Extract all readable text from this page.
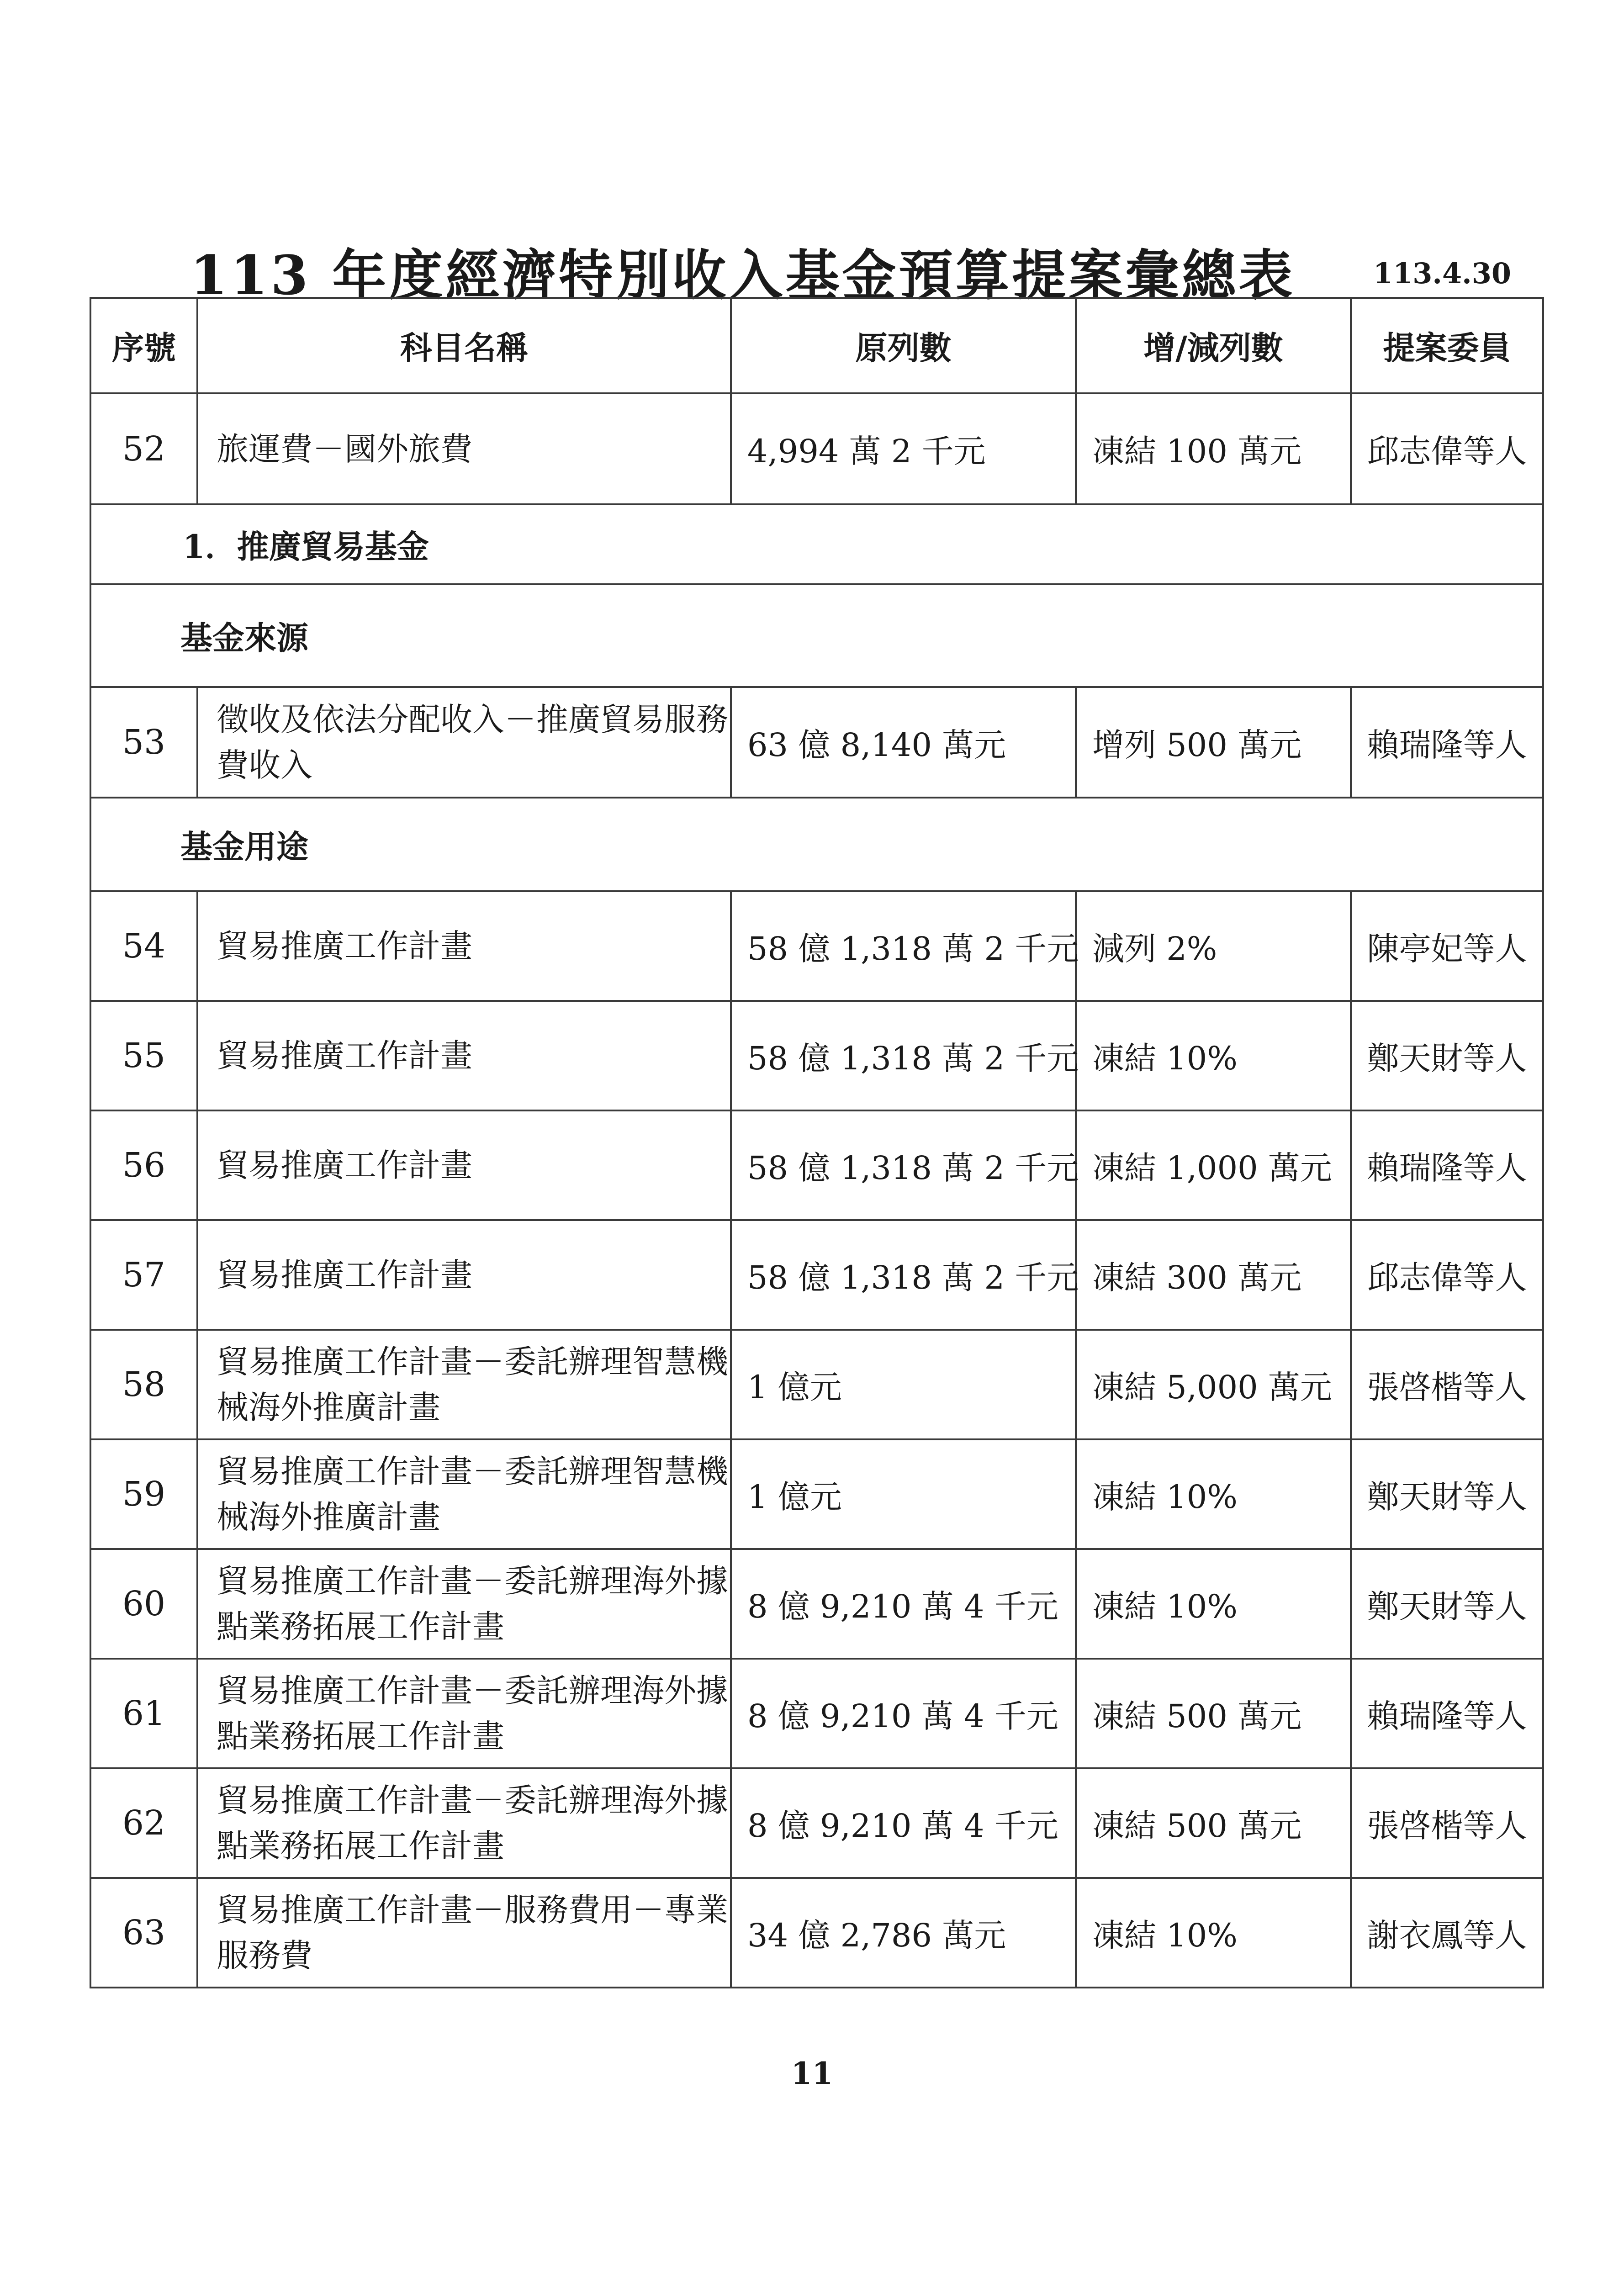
113 年度經濟特別收入基金預算提案彙總表	113.4.30
序號	科目名稱	原列數	增/減列數	提案委員
52	旅運費－國外旅費	4,994 萬 2 千元	凍結 100 萬元	邱志偉等人
1．推廣貿易基金				
基金來源				
53	徵收及依法分配收入－推廣貿易服務費收入	63 億 8,140 萬元	增列 500 萬元	賴瑞隆等人
基金用途				
54	貿易推廣工作計畫	58 億 1,318 萬 2 千元	減列 2%	陳亭妃等人
55	貿易推廣工作計畫	58 億 1,318 萬 2 千元	凍結 10%	鄭天財等人
56	貿易推廣工作計畫	58 億 1,318 萬 2 千元	凍結 1,000 萬元	賴瑞隆等人
57	貿易推廣工作計畫	58 億 1,318 萬 2 千元	凍結 300 萬元	邱志偉等人
58	貿易推廣工作計畫－委託辦理智慧機械海外推廣計畫	1 億元	凍結 5,000 萬元	張啓楷等人
59	貿易推廣工作計畫－委託辦理智慧機械海外推廣計畫	1 億元	凍結 10%	鄭天財等人
60	貿易推廣工作計畫－委託辦理海外據點業務拓展工作計畫	8 億 9,210 萬 4 千元	凍結 10%	鄭天財等人
61	貿易推廣工作計畫－委託辦理海外據點業務拓展工作計畫	8 億 9,210 萬 4 千元	凍結 500 萬元	賴瑞隆等人
62	貿易推廣工作計畫－委託辦理海外據點業務拓展工作計畫	8 億 9,210 萬 4 千元	凍結 500 萬元	張啓楷等人
63	貿易推廣工作計畫－服務費用－專業服務費	34 億 2,786 萬元	凍結 10%	謝衣鳳等人
11
